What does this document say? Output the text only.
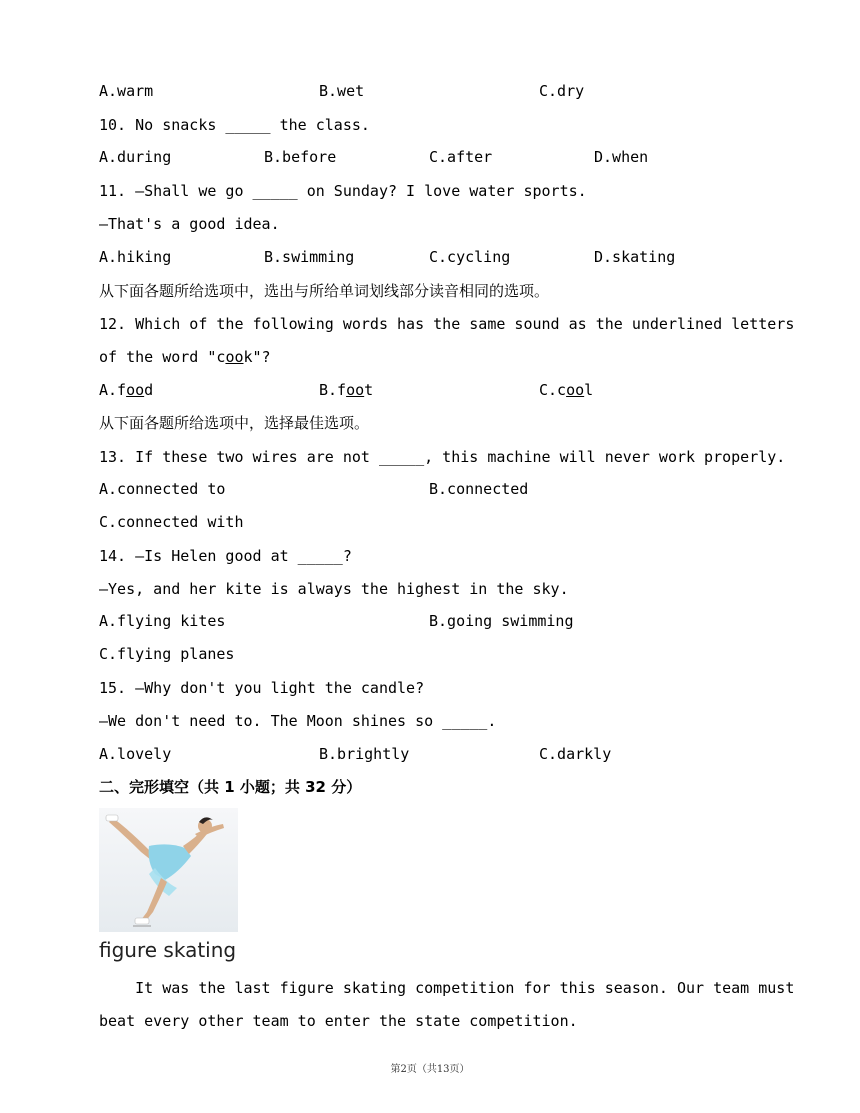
A.warm	B.wet	C.dry
10. No snacks _____ the class.
A.during	B.before	C.after	D.when
11. —Shall we go _____ on Sunday? I love water sports.
—That's a good idea.
A.hiking	B.swimming	C.cycling	D.skating
从下面各题所给选项中，选出与所给单词划线部分读音相同的选项。
12. Which of the following words has the same sound as the underlined letters
of the word "cook"?
A.food	B.foot	C.cool
从下面各题所给选项中，选择最佳选项。
13. If these two wires are not _____, this machine will never work properly.
A.connected to	B.connected
C.connected with
14. —Is Helen good at _____?
—Yes, and her kite is always the highest in the sky.
A.flying kites	B.going swimming
C.flying planes
15. —Why don't you light the candle?
—We don't need to. The Moon shines so _____.
A.lovely	B.brightly	C.darkly
二、完形填空（共 1 小题；共 32 分）
figure skating
It was the last figure skating competition for this season. Our team must
beat every other team to enter the state competition.
第2页（共13页）
